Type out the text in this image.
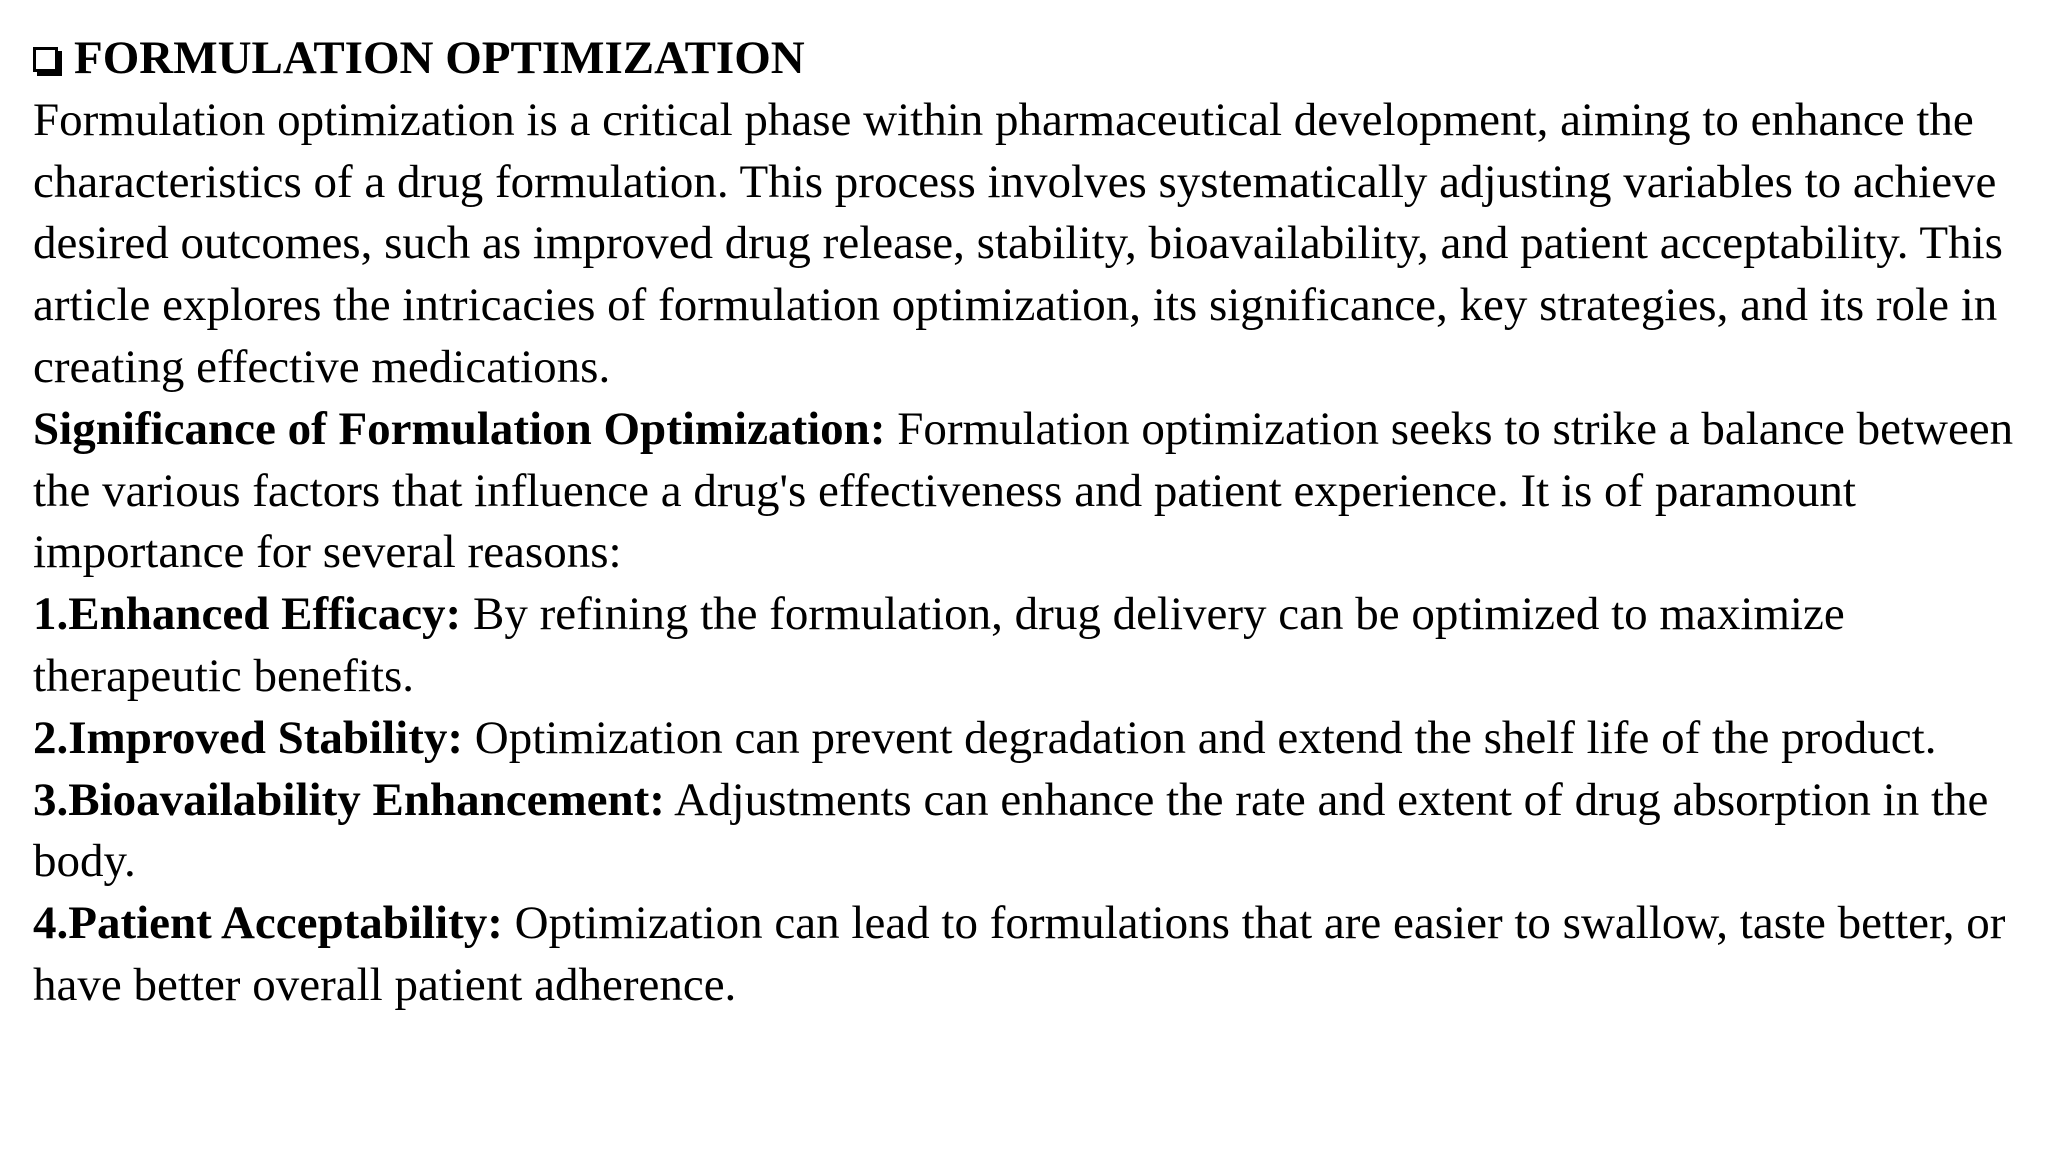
FORMULATION OPTIMIZATION

Formulation optimization is a critical phase within pharmaceutical development, aiming to enhance the characteristics of a drug formulation. This process involves systematically adjusting variables to achieve desired outcomes, such as improved drug release, stability, bioavailability, and patient acceptability. This article explores the intricacies of formulation optimization, its significance, key strategies, and its role in creating effective medications.

Significance of Formulation Optimization: Formulation optimization seeks to strike a balance between the various factors that influence a drug's effectiveness and patient experience. It is of paramount importance for several reasons:

1.Enhanced Efficacy: By refining the formulation, drug delivery can be optimized to maximize therapeutic benefits.

2.Improved Stability: Optimization can prevent degradation and extend the shelf life of the product.

3.Bioavailability Enhancement: Adjustments can enhance the rate and extent of drug absorption in the body.

4.Patient Acceptability: Optimization can lead to formulations that are easier to swallow, taste better, or have better overall patient adherence.
